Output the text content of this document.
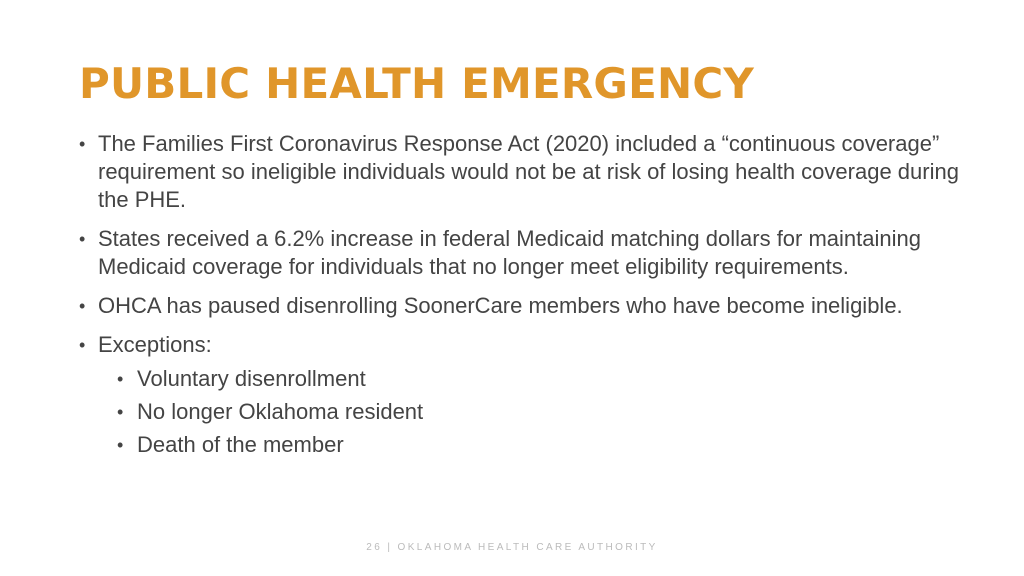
PUBLIC HEALTH EMERGENCY
• The Families First Coronavirus Response Act (2020) included a “continuous coverage” requirement so ineligible individuals would not be at risk of losing health coverage during the PHE.
• States received a 6.2% increase in federal Medicaid matching dollars for maintaining Medicaid coverage for individuals that no longer meet eligibility requirements.
• OHCA has paused disenrolling SoonerCare members who have become ineligible.
• Exceptions:
• Voluntary disenrollment
• No longer Oklahoma resident
• Death of the member
26 | OKLAHOMA HEALTH CARE AUTHORITY
